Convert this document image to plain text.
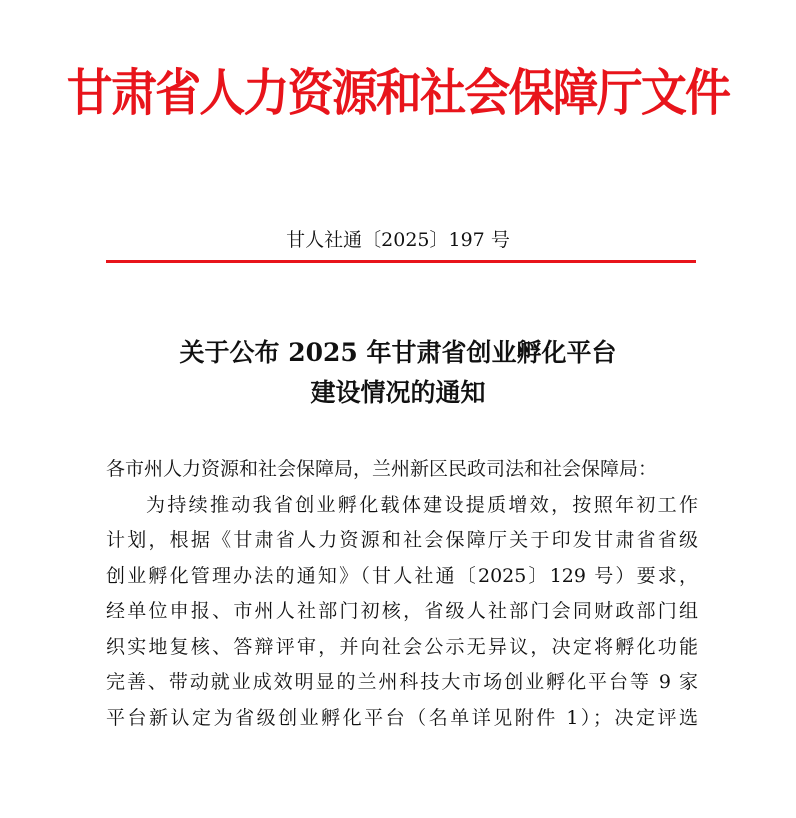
甘肃省人力资源和社会保障厅文件
甘人社通〔2025〕197 号
关于公布 2025 年甘肃省创业孵化平台
建设情况的通知
各市州人力资源和社会保障局，兰州新区民政司法和社会保障局：
为持续推动我省创业孵化载体建设提质增效，按照年初工作
计划，根据《甘肃省人力资源和社会保障厅关于印发甘肃省省级
创业孵化管理办法的通知》（甘人社通〔2025〕129 号）要求，
经单位申报、市州人社部门初核，省级人社部门会同财政部门组
织实地复核、答辩评审，并向社会公示无异议，决定将孵化功能
完善、带动就业成效明显的兰州科技大市场创业孵化平台等 9 家
平台新认定为省级创业孵化平台（名单详见附件 1）；决定评选
